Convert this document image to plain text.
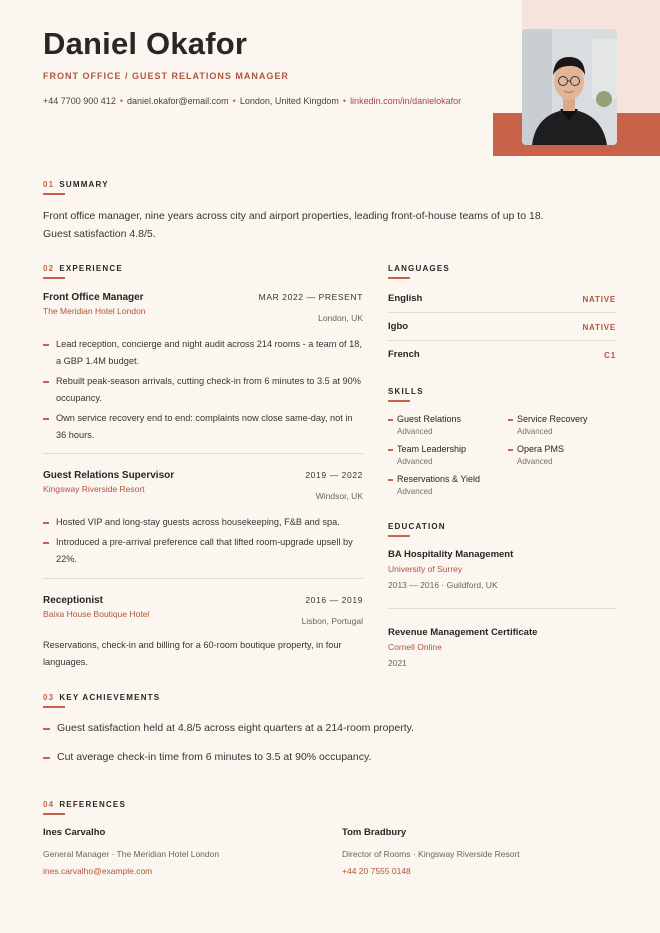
Daniel Okafor
FRONT OFFICE / GUEST RELATIONS MANAGER
+44 7700 900 412 • daniel.okafor@email.com • London, United Kingdom • linkedin.com/in/danielokafor
01 SUMMARY
Front office manager, nine years across city and airport properties, leading front-of-house teams of up to 18. Guest satisfaction 4.8/5.
02 EXPERIENCE
Front Office Manager	MAR 2022 — PRESENT
The Meridian Hotel London
London, UK
Lead reception, concierge and night audit across 214 rooms - a team of 18, a GBP 1.4M budget.
Rebuilt peak-season arrivals, cutting check-in from 6 minutes to 3.5 at 90% occupancy.
Own service recovery end to end: complaints now close same-day, not in 36 hours.
Guest Relations Supervisor	2019 — 2022
Kingsway Riverside Resort
Windsor, UK
Hosted VIP and long-stay guests across housekeeping, F&B and spa.
Introduced a pre-arrival preference call that lifted room-upgrade upsell by 22%.
Receptionist	2016 — 2019
Baixa House Boutique Hotel
Lisbon, Portugal
Reservations, check-in and billing for a 60-room boutique property, in four languages.
LANGUAGES
English	NATIVE
Igbo	NATIVE
French	C1
SKILLS
Guest Relations
Advanced
Service Recovery
Advanced
Team Leadership
Advanced
Opera PMS
Advanced
Reservations & Yield
Advanced
EDUCATION
BA Hospitality Management
University of Surrey
2013 — 2016 · Guildford, UK
Revenue Management Certificate
Cornell Online
2021
03 KEY ACHIEVEMENTS
Guest satisfaction held at 4.8/5 across eight quarters at a 214-room property.
Cut average check-in time from 6 minutes to 3.5 at 90% occupancy.
04 REFERENCES
Ines Carvalho
General Manager · The Meridian Hotel London
ines.carvalho@example.com
Tom Bradbury
Director of Rooms · Kingsway Riverside Resort
+44 20 7555 0148
